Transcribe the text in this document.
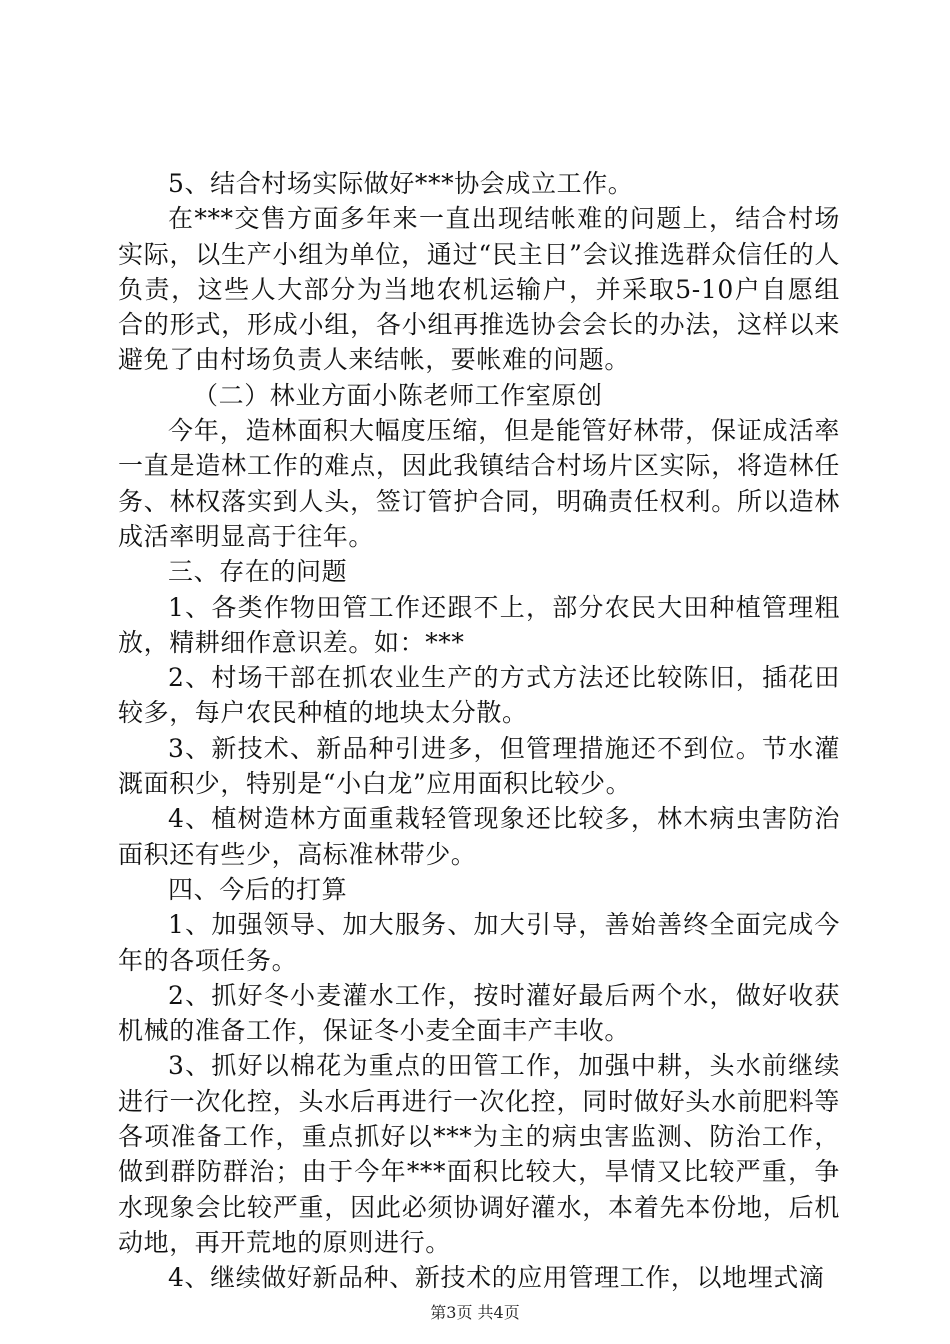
5、结合村场实际做好***协会成立工作。

在***交售方面多年来一直出现结帐难的问题上，结合村场实际，以生产小组为单位，通过“民主日”会议推选群众信任的人负责，这些人大部分为当地农机运输户，并采取5-10户自愿组合的形式，形成小组，各小组再推选协会会长的办法，这样以来避免了由村场负责人来结帐，要帐难的问题。

（二）林业方面小陈老师工作室原创

今年，造林面积大幅度压缩，但是能管好林带，保证成活率一直是造林工作的难点，因此我镇结合村场片区实际，将造林任务、林权落实到人头，签订管护合同，明确责任权利。所以造林成活率明显高于往年。

三、存在的问题

1、各类作物田管工作还跟不上，部分农民大田种植管理粗放，精耕细作意识差。如：***

2、村场干部在抓农业生产的方式方法还比较陈旧，插花田较多，每户农民种植的地块太分散。

3、新技术、新品种引进多，但管理措施还不到位。节水灌溉面积少，特别是“小白龙”应用面积比较少。

4、植树造林方面重栽轻管现象还比较多，林木病虫害防治面积还有些少，高标准林带少。

四、今后的打算

1、加强领导、加大服务、加大引导，善始善终全面完成今年的各项任务。

2、抓好冬小麦灌水工作，按时灌好最后两个水，做好收获机械的准备工作，保证冬小麦全面丰产丰收。

3、抓好以棉花为重点的田管工作，加强中耕，头水前继续进行一次化控，头水后再进行一次化控，同时做好头水前肥料等各项准备工作，重点抓好以***为主的病虫害监测、防治工作，做到群防群治；由于今年***面积比较大，旱情又比较严重，争水现象会比较严重，因此必须协调好灌水，本着先本份地，后机动地，再开荒地的原则进行。

4、继续做好新品种、新技术的应用管理工作，以地埋式滴

第3页 共4页
